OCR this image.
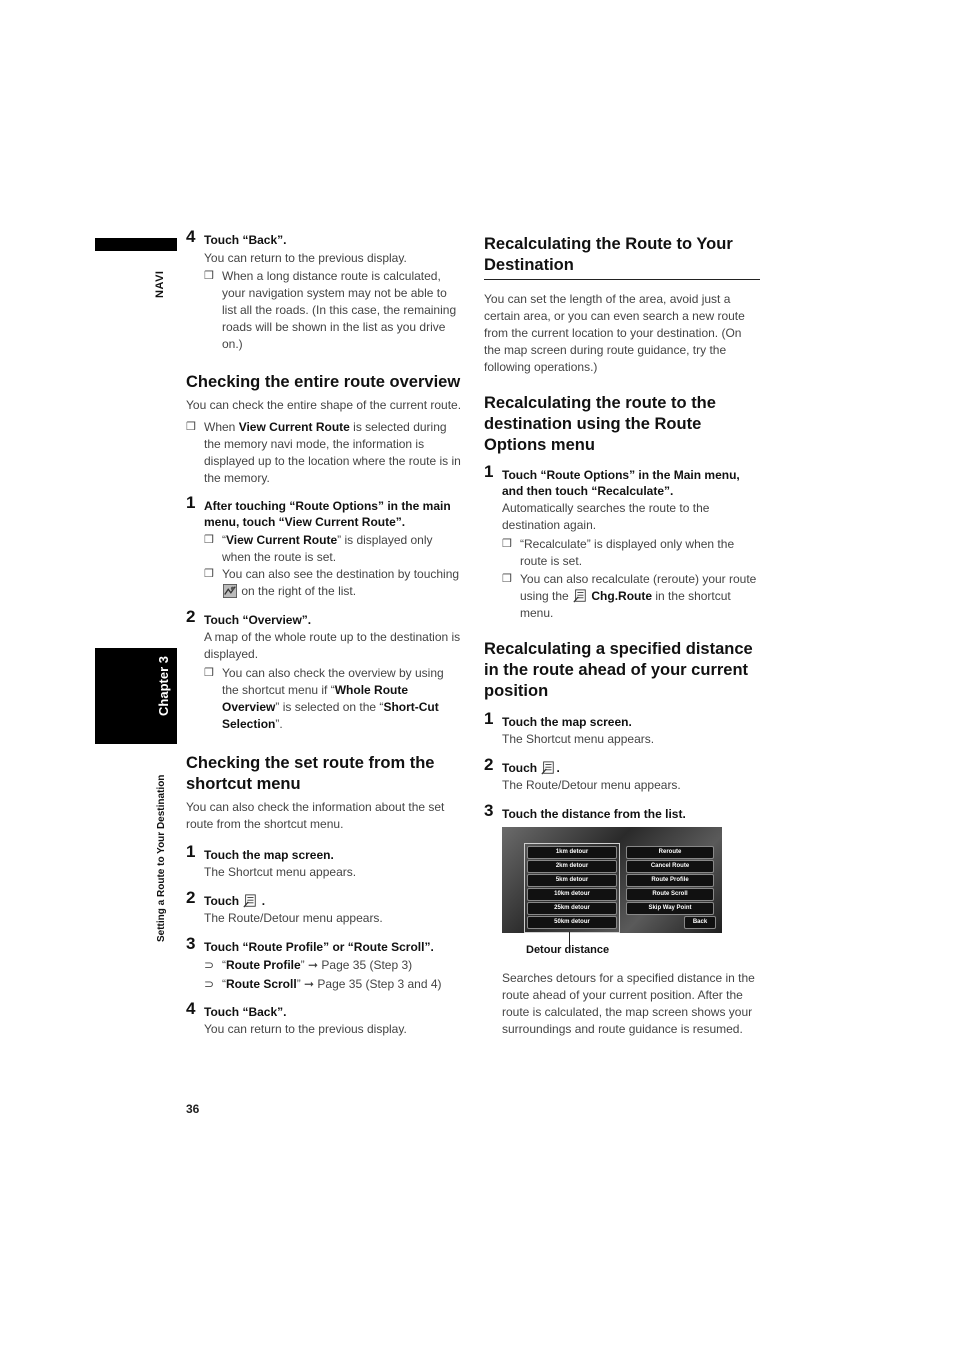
NAVI
Chapter 3
Setting a Route to Your Destination
36

4 Touch “Back”.

You can return to the previous display.

❒ When a long distance route is calculated, your navigation system may not be able to list all the roads. (In this case, the remaining roads will be shown in the list as you drive on.)

Checking the entire route overview

You can check the entire shape of the current route.

❒ When View Current Route is selected during the memory navi mode, the information is displayed up to the location where the route is in the memory.

1 After touching “Route Options” in the main menu, touch “View Current Route”.

❒ “View Current Route” is displayed only when the route is set.

❒ You can also see the destination by touching  on the right of the list.

2 Touch “Overview”.

A map of the whole route up to the destination is displayed.

❒ You can also check the overview by using the shortcut menu if “Whole Route Overview” is selected on the “Short-Cut Selection”.

Checking the set route from the shortcut menu

You can also check the information about the set route from the shortcut menu.

1 Touch the map screen.

The Shortcut menu appears.

2 Touch .

The Route/Detour menu appears.

3 Touch “Route Profile” or “Route Scroll”.

⊃ “Route Profile” ➞ Page 35 (Step 3)

⊃ “Route Scroll” ➞ Page 35 (Step 3 and 4)

4 Touch “Back”.

You can return to the previous display.

Recalculating the Route to Your Destination

You can set the length of the area, avoid just a certain area, or you can even search a new route from the current location to your destination. (On the map screen during route guidance, try the following operations.)

Recalculating the route to the destination using the Route Options menu

1 Touch “Route Options” in the Main menu, and then touch “Recalculate”.

Automatically searches the route to the destination again.

❒ “Recalculate” is displayed only when the route is set.

❒ You can also recalculate (reroute) your route using the  Chg.Route in the shortcut menu.

Recalculating a specified distance in the route ahead of your current position

1 Touch the map screen.

The Shortcut menu appears.

2 Touch .

The Route/Detour menu appears.

3 Touch the distance from the list.

1km detour
2km detour
5km detour
10km detour
25km detour
50km detour
Reroute
Cancel Route
Route Profile
Route Scroll
Skip Way Point
Back
Detour distance

Searches detours for a specified distance in the route ahead of your current position. After the route is calculated, the map screen shows your surroundings and route guidance is resumed.
